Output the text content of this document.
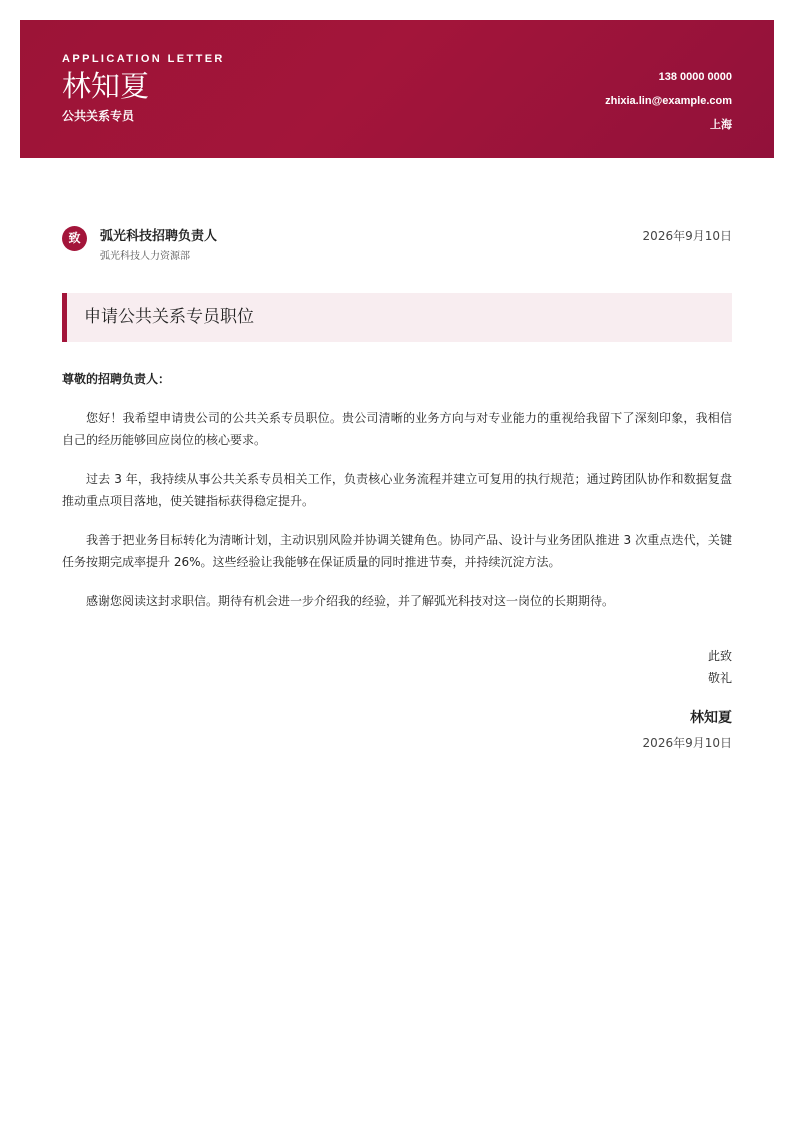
APPLICATION LETTER
林知夏
公共关系专员
138 0000 0000
zhixia.lin@example.com
上海
致	弧光科技招聘负责人
弧光科技人力资源部
2026年9月10日
申请公共关系专员职位

尊敬的招聘负责人：

您好！我希望申请贵公司的公共关系专员职位。贵公司清晰的业务方向与对专业能力的重视给我留下了深刻印象，我相信自己的经历能够回应岗位的核心要求。

过去 3 年，我持续从事公共关系专员相关工作，负责核心业务流程并建立可复用的执行规范；通过跨团队协作和数据复盘推动重点项目落地，使关键指标获得稳定提升。

我善于把业务目标转化为清晰计划，主动识别风险并协调关键角色。协同产品、设计与业务团队推进 3 次重点迭代，关键任务按期完成率提升 26%。这些经验让我能够在保证质量的同时推进节奏，并持续沉淀方法。

感谢您阅读这封求职信。期待有机会进一步介绍我的经验，并了解弧光科技对这一岗位的长期期待。

此致
敬礼
林知夏
2026年9月10日
